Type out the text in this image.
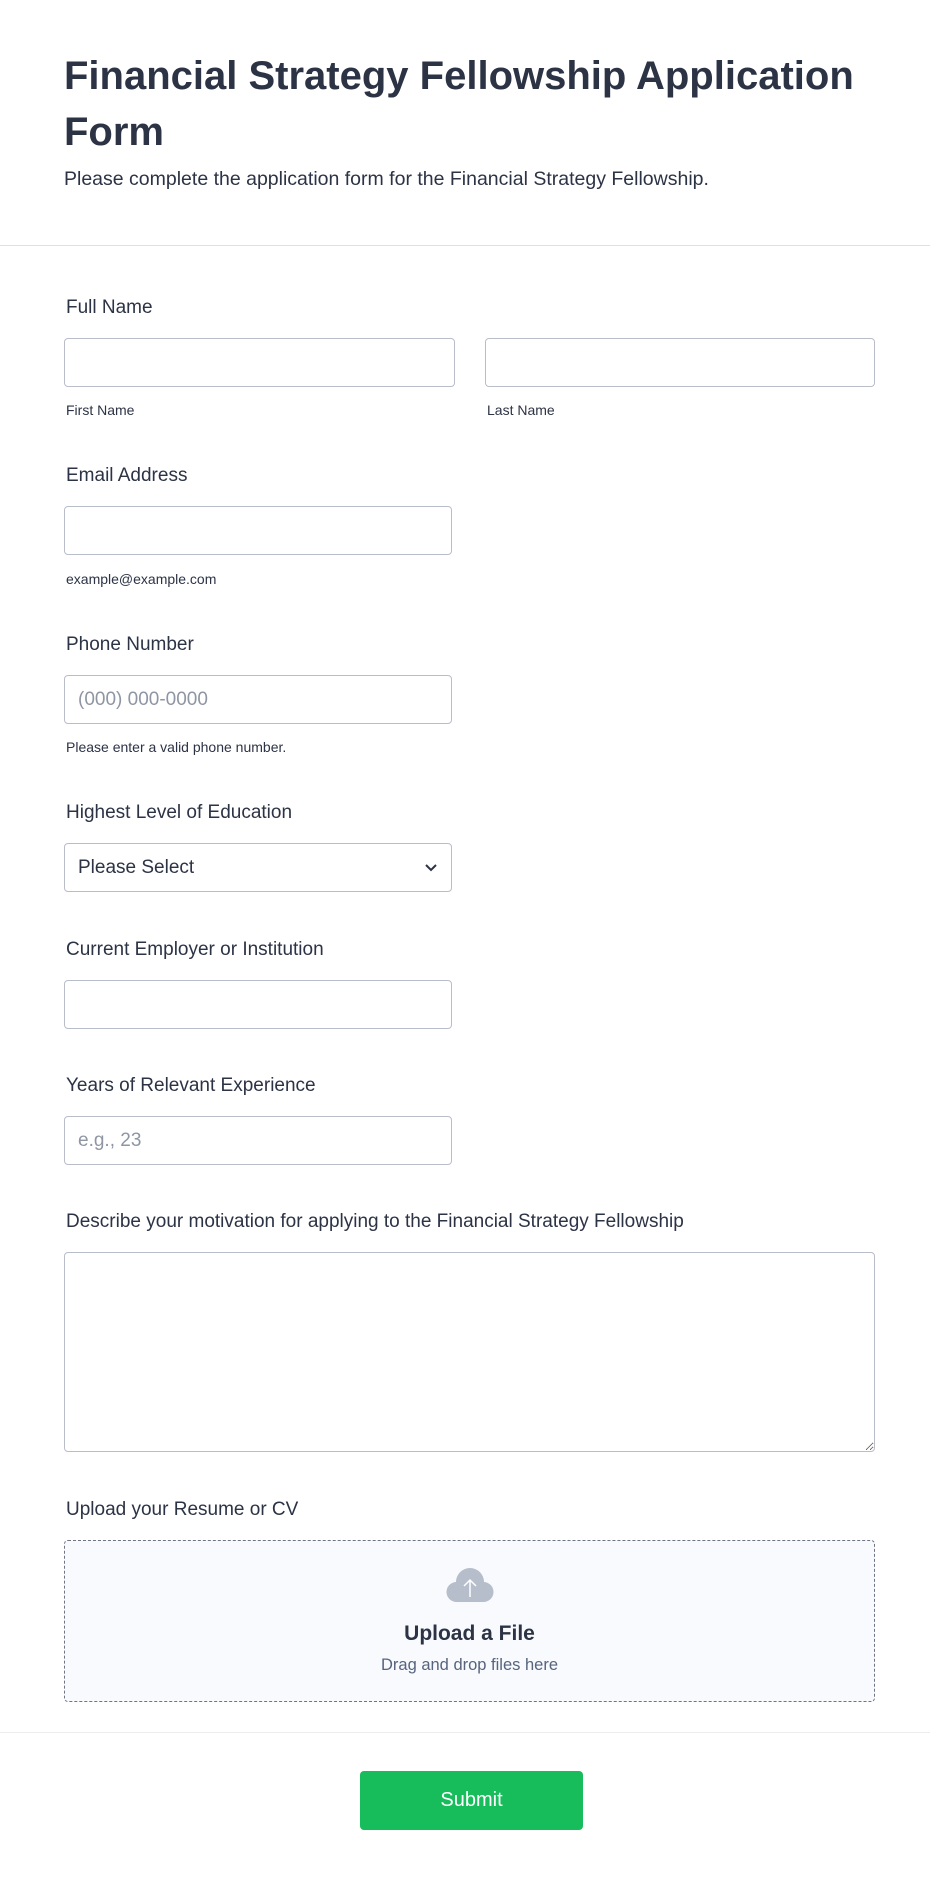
Financial Strategy Fellowship Application Form

Please complete the application form for the Financial Strategy Fellowship.

Full Name
First Name	Last Name
Email Address
example@example.com
Phone Number
(000) 000-0000
Please enter a valid phone number.
Highest Level of Education
Please Select
Current Employer or Institution
Years of Relevant Experience
e.g., 23
Describe your motivation for applying to the Financial Strategy Fellowship
Upload your Resume or CV
Upload a File
Drag and drop files here
Submit
